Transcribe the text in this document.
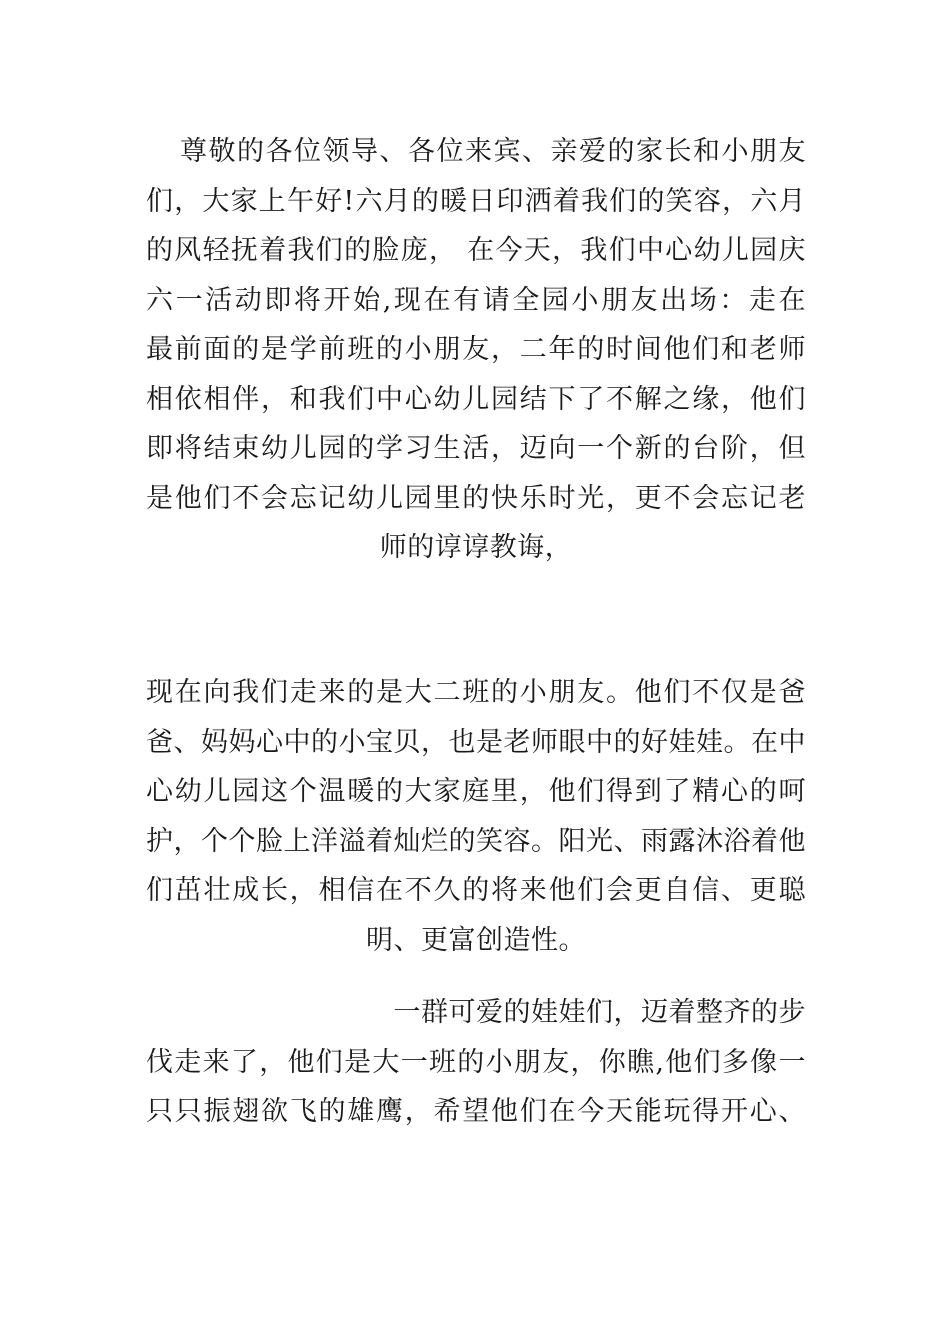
尊敬的各位领导、各位来宾、亲爱的家长和小朋友
们，大家上午好!六月的暖日印洒着我们的笑容，六月
的风轻抚着我们的脸庞， 在今天，我们中心幼儿园庆
六一活动即将开始,现在有请全园小朋友出场：走在
最前面的是学前班的小朋友，二年的时间他们和老师
相依相伴，和我们中心幼儿园结下了不解之缘，他们
即将结束幼儿园的学习生活，迈向一个新的台阶，但
是他们不会忘记幼儿园里的快乐时光，更不会忘记老
师的谆谆教诲，
现在向我们走来的是大二班的小朋友。他们不仅是爸
爸、妈妈心中的小宝贝，也是老师眼中的好娃娃。在中
心幼儿园这个温暖的大家庭里，他们得到了精心的呵
护，个个脸上洋溢着灿烂的笑容。阳光、雨露沐浴着他
们茁壮成长，相信在不久的将来他们会更自信、更聪
明、更富创造性。
一群可爱的娃娃们，迈着整齐的步
伐走来了，他们是大一班的小朋友，你瞧,他们多像一
只只振翅欲飞的雄鹰，希望他们在今天能玩得开心、
